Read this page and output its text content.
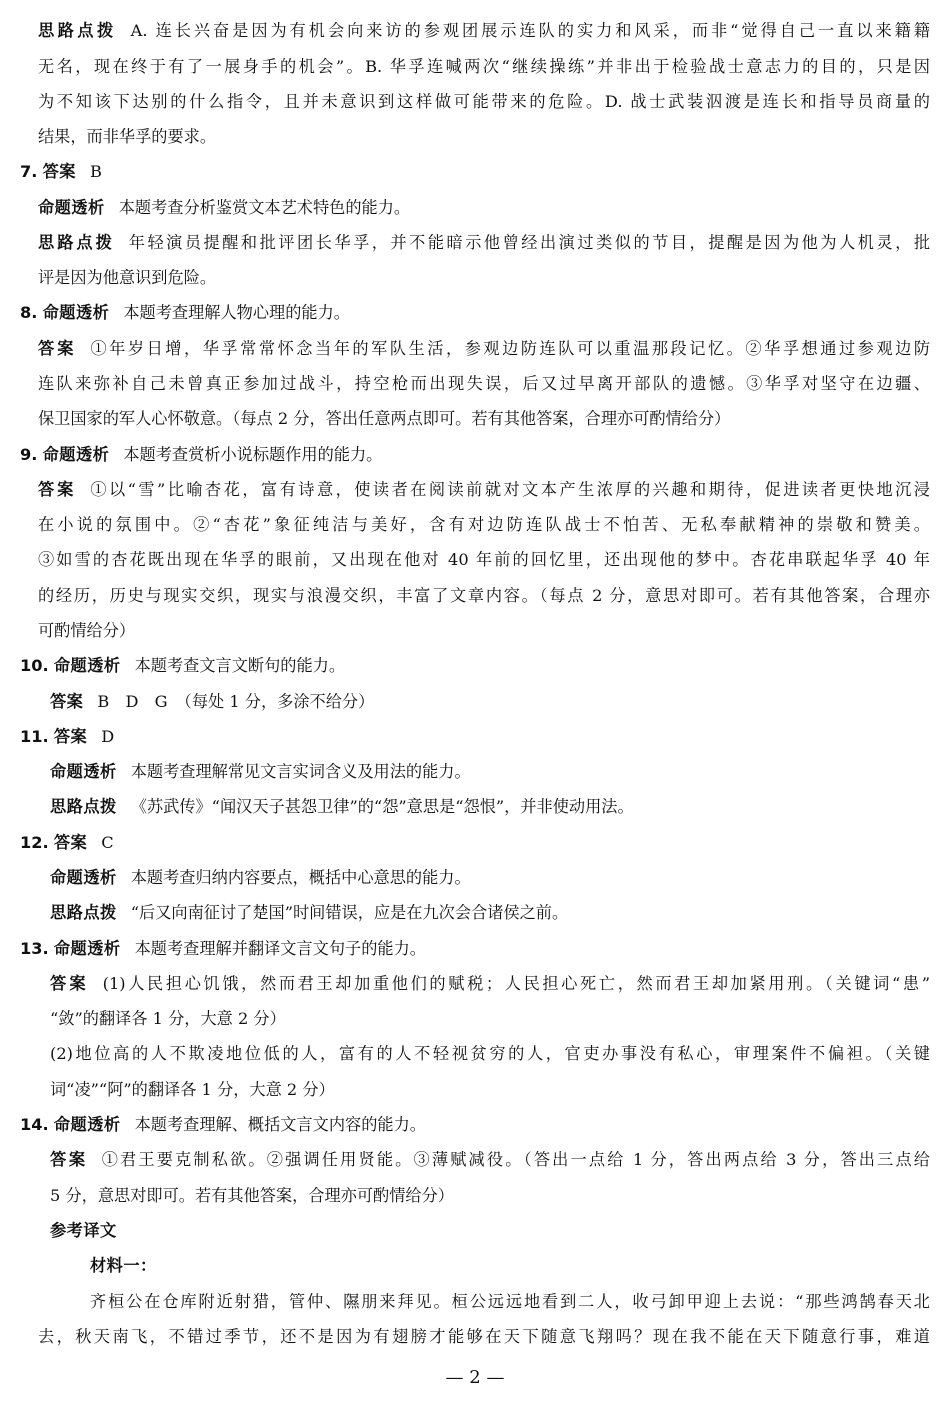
思路点拨 A. 连长兴奋是因为有机会向来访的参观团展示连队的实力和风采，而非“觉得自己一直以来籍籍
无名，现在终于有了一展身手的机会”。B. 华孚连喊两次“继续操练”并非出于检验战士意志力的目的，只是因
为不知该下达别的什么指令，且并未意识到这样做可能带来的危险。D. 战士武装泅渡是连长和指导员商量的
结果，而非华孚的要求。
7. 答案 B
命题透析 本题考查分析鉴赏文本艺术特色的能力。
思路点拨 年轻演员提醒和批评团长华孚，并不能暗示他曾经出演过类似的节目，提醒是因为他为人机灵，批
评是因为他意识到危险。
8. 命题透析 本题考查理解人物心理的能力。
答案 ①年岁日增，华孚常常怀念当年的军队生活，参观边防连队可以重温那段记忆。②华孚想通过参观边防
连队来弥补自己未曾真正参加过战斗，持空枪而出现失误，后又过早离开部队的遗憾。③华孚对坚守在边疆、
保卫国家的军人心怀敬意。（每点 2 分，答出任意两点即可。若有其他答案，合理亦可酌情给分）
9. 命题透析 本题考查赏析小说标题作用的能力。
答案 ①以“雪”比喻杏花，富有诗意，使读者在阅读前就对文本产生浓厚的兴趣和期待，促进读者更快地沉浸
在小说的氛围中。②“杏花”象征纯洁与美好，含有对边防连队战士不怕苦、无私奉献精神的崇敬和赞美。
③如雪的杏花既出现在华孚的眼前，又出现在他对 40 年前的回忆里，还出现他的梦中。杏花串联起华孚 40 年
的经历，历史与现实交织，现实与浪漫交织，丰富了文章内容。（每点 2 分，意思对即可。若有其他答案，合理亦
可酌情给分）
10. 命题透析 本题考查文言文断句的能力。
答案 B　D　G　（每处 1 分，多涂不给分）
11. 答案 D
命题透析 本题考查理解常见文言实词含义及用法的能力。
思路点拨 《苏武传》“闻汉天子甚怨卫律”的“怨”意思是“怨恨”，并非使动用法。
12. 答案 C
命题透析 本题考查归纳内容要点，概括中心意思的能力。
思路点拨 “后又向南征讨了楚国”时间错误，应是在九次会合诸侯之前。
13. 命题透析 本题考查理解并翻译文言文句子的能力。
答案 (1)人民担心饥饿，然而君王却加重他们的赋税；人民担心死亡，然而君王却加紧用刑。（关键词“患”
“敛”的翻译各 1 分，大意 2 分）
(2)地位高的人不欺凌地位低的人，富有的人不轻视贫穷的人，官吏办事没有私心，审理案件不偏袒。（关键
词“凌”“阿”的翻译各 1 分，大意 2 分）
14. 命题透析 本题考查理解、概括文言文内容的能力。
答案 ①君王要克制私欲。②强调任用贤能。③薄赋减役。（答出一点给 1 分，答出两点给 3 分，答出三点给
5 分，意思对即可。若有其他答案，合理亦可酌情给分）
参考译文
材料一：
齐桓公在仓库附近射猎，管仲、隰朋来拜见。桓公远远地看到二人，收弓卸甲迎上去说：“那些鸿鹄春天北
去，秋天南飞，不错过季节，还不是因为有翅膀才能够在天下随意飞翔吗？现在我不能在天下随意行事，难道
— 2 —
